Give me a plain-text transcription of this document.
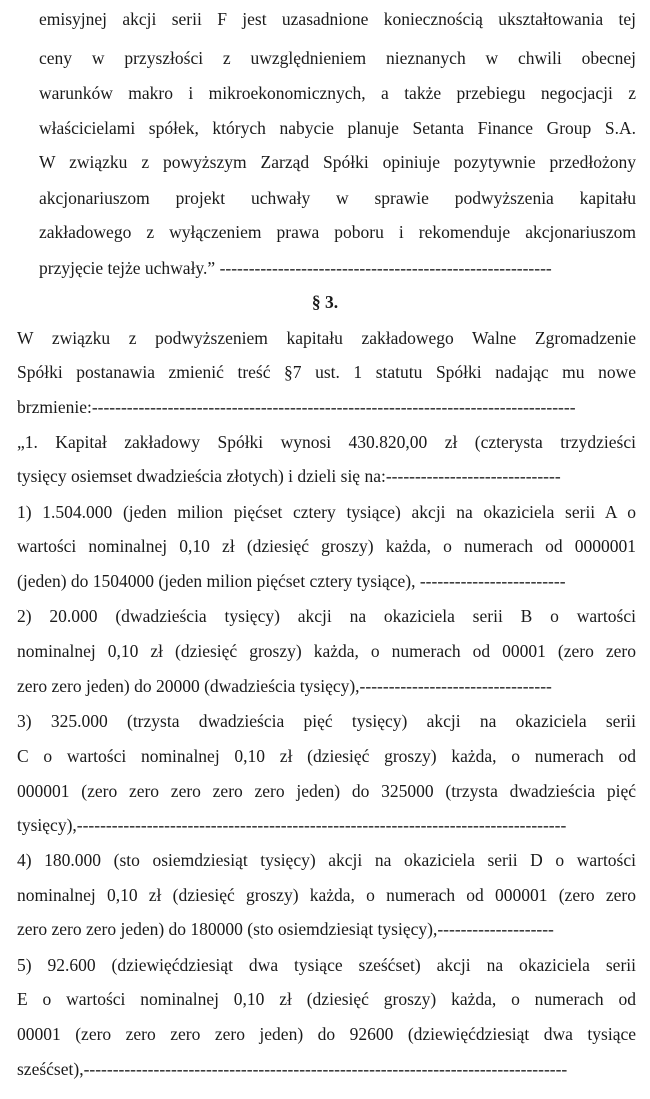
emisyjnej akcji serii F jest uzasadnione koniecznością ukształtowania tej
ceny w przyszłości z uwzględnieniem nieznanych w chwili obecnej
warunków makro i mikroekonomicznych, a także przebiegu negocjacji z
właścicielami spółek, których nabycie planuje Setanta Finance Group S.A.
W związku z powyższym Zarząd Spółki opiniuje pozytywnie przedłożony
akcjonariuszom projekt uchwały w sprawie podwyższenia kapitału
zakładowego z wyłączeniem prawa poboru i rekomenduje akcjonariuszom
przyjęcie tejże uchwały.” ---------------------------------------------------------
§ 3.
W związku z podwyższeniem kapitału zakładowego Walne Zgromadzenie
Spółki postanawia zmienić treść §7 ust. 1 statutu Spółki nadając mu nowe
brzmienie:-----------------------------------------------------------------------------------
„1. Kapitał zakładowy Spółki wynosi 430.820,00 zł (czterysta trzydzieści
tysięcy osiemset dwadzieścia złotych) i dzieli się na:------------------------------
1) 1.504.000 (jeden milion pięćset cztery tysiące) akcji na okaziciela serii A o
wartości nominalnej 0,10 zł (dziesięć groszy) każda, o numerach od 0000001
(jeden) do 1504000 (jeden milion pięćset cztery tysiące), -------------------------
2) 20.000 (dwadzieścia tysięcy) akcji na okaziciela serii B o wartości
nominalnej 0,10 zł (dziesięć groszy) każda, o numerach od 00001 (zero zero
zero zero jeden) do 20000 (dwadzieścia tysięcy),---------------------------------
3) 325.000 (trzysta dwadzieścia pięć tysięcy) akcji na okaziciela serii
C o wartości nominalnej 0,10 zł (dziesięć groszy) każda, o numerach od
000001 (zero zero zero zero zero jeden) do 325000 (trzysta dwadzieścia pięć
tysięcy),------------------------------------------------------------------------------------
4) 180.000 (sto osiemdziesiąt tysięcy) akcji na okaziciela serii D o wartości
nominalnej 0,10 zł (dziesięć groszy) każda, o numerach od 000001 (zero zero
zero zero zero jeden) do 180000 (sto osiemdziesiąt tysięcy),--------------------
5) 92.600 (dziewięćdziesiąt dwa tysiące sześćset) akcji na okaziciela serii
E o wartości nominalnej 0,10 zł (dziesięć groszy) każda, o numerach od
00001 (zero zero zero zero jeden) do 92600 (dziewięćdziesiąt dwa tysiące
sześćset),-----------------------------------------------------------------------------------
